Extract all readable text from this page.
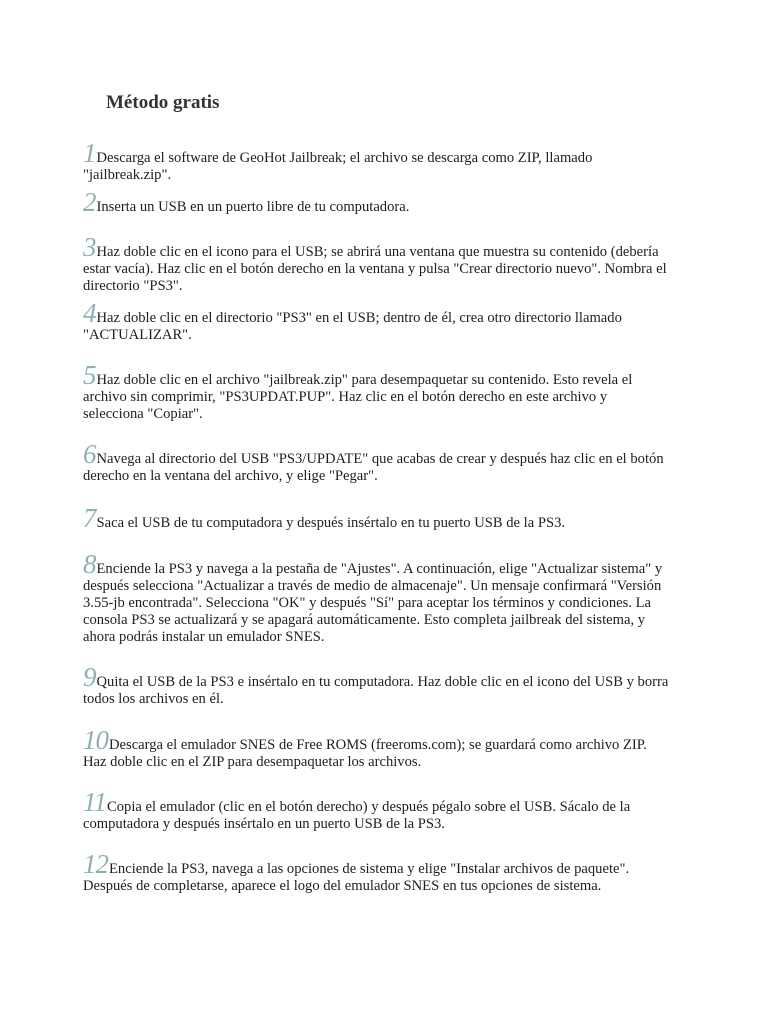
Método gratis

1Descarga el software de GeoHot Jailbreak; el archivo se descarga como ZIP, llamado "jailbreak.zip".

2Inserta un USB en un puerto libre de tu computadora.

3Haz doble clic en el icono para el USB; se abrirá una ventana que muestra su contenido (debería estar vacía). Haz clic en el botón derecho en la ventana y pulsa "Crear directorio nuevo". Nombra el directorio "PS3".

4Haz doble clic en el directorio "PS3" en el USB; dentro de él, crea otro directorio llamado "ACTUALIZAR".

5Haz doble clic en el archivo "jailbreak.zip" para desempaquetar su contenido. Esto revela el archivo sin comprimir, "PS3UPDAT.PUP". Haz clic en el botón derecho en este archivo y selecciona "Copiar".

6Navega al directorio del USB "PS3/UPDATE" que acabas de crear y después haz clic en el botón derecho en la ventana del archivo, y elige "Pegar".

7Saca el USB de tu computadora y después insértalo en tu puerto USB de la PS3.

8Enciende la PS3 y navega a la pestaña de "Ajustes". A continuación, elige "Actualizar sistema" y después selecciona "Actualizar a través de medio de almacenaje". Un mensaje confirmará "Versión 3.55-jb encontrada". Selecciona "OK" y después "Sí" para aceptar los términos y condiciones. La consola PS3 se actualizará y se apagará automáticamente. Esto completa jailbreak del sistema, y ahora podrás instalar un emulador SNES.

9Quita el USB de la PS3 e insértalo en tu computadora. Haz doble clic en el icono del USB y borra todos los archivos en él.

10Descarga el emulador SNES de Free ROMS (freeroms.com); se guardará como archivo ZIP. Haz doble clic en el ZIP para desempaquetar los archivos.

11Copia el emulador (clic en el botón derecho) y después pégalo sobre el USB. Sácalo de la computadora y después insértalo en un puerto USB de la PS3.

12Enciende la PS3, navega a las opciones de sistema y elige "Instalar archivos de paquete". Después de completarse, aparece el logo del emulador SNES en tus opciones de sistema.
